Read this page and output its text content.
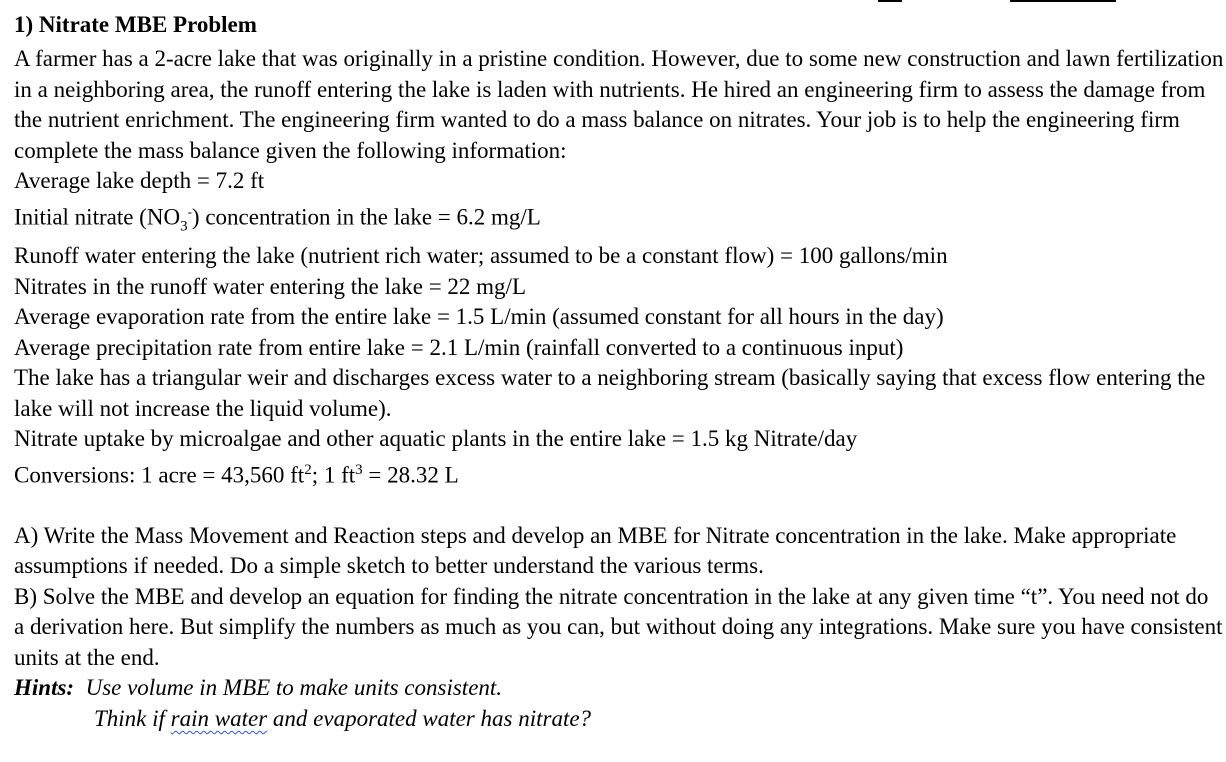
1) Nitrate MBE Problem

A farmer has a 2-acre lake that was originally in a pristine condition. However, due to some new construction and lawn fertilization in a neighboring area, the runoff entering the lake is laden with nutrients. He hired an engineering firm to assess the damage from the nutrient enrichment. The engineering firm wanted to do a mass balance on nitrates. Your job is to help the engineering firm complete the mass balance given the following information:

Average lake depth = 7.2 ft

Initial nitrate $(NO_3^-)$ concentration in the lake = 6.2 mg/L

Runoff water entering the lake (nutrient rich water; assumed to be a constant flow) = 100 gallons/min

Nitrates in the runoff water entering the lake = 22 mg/L

Average evaporation rate from the entire lake = 1.5 L/min (assumed constant for all hours in the day)

Average precipitation rate from entire lake = 2.1 L/min (rainfall converted to a continuous input)

The lake has a triangular weir and discharges excess water to a neighboring stream (basically saying that excess flow entering the lake will not increase the liquid volume).

Nitrate uptake by microalgae and other aquatic plants in the entire lake = 1.5 kg Nitrate/day

Conversions: 1 acre = 43,560 $ft^2$; 1 $ft^3 = 28.32$ L

A) Write the Mass Movement and Reaction steps and develop an MBE for Nitrate concentration in the lake. Make appropriate assumptions if needed. Do a simple sketch to better understand the various terms.

B) Solve the MBE and develop an equation for finding the nitrate concentration in the lake at any given time “t”. You need not do a derivation here. But simplify the numbers as much as you can, but without doing any integrations. Make sure you have consistent units at the end.

Hints: Use volume in MBE to make units consistent.

Think if rain water and evaporated water has nitrate?
